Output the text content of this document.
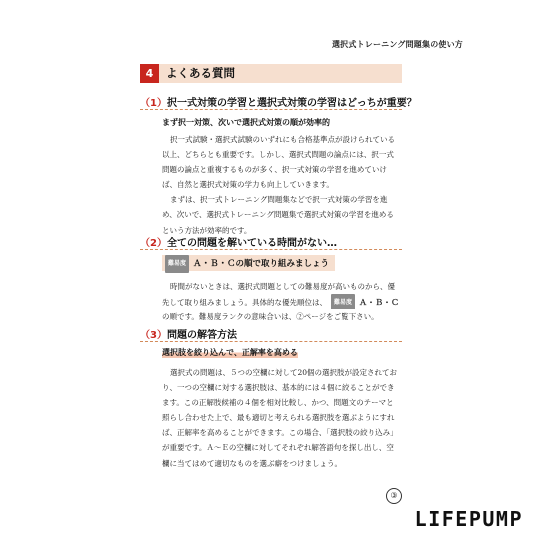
選択式トレーニング問題集の使い方
4	よくある質問
（1）択一式対策の学習と選択式対策の学習はどっちが重要？
まず択一対策、次いで選択式対策の順が効率的
択一式試験・選択式試験のいずれにも合格基準点が設けられている
以上、どちらとも重要です。しかし、選択式問題の論点には、択一式
問題の論点と重複するものが多く、択一式対策の学習を進めていけ
ば、自然と選択式対策の学力も向上していきます。
まずは、択一式トレーニング問題集などで択一式対策の学習を進
め、次いで、選択式トレーニング問題集で選択式対策の学習を進める
という方法が効率的です。
（2）全ての問題を解いている時間がない…
難易度 Ａ・Ｂ・Ｃの順で取り組みましょう
時間がないときは、選択式問題としての難易度が高いものから、優
先して取り組みましょう。具体的な優先順位は、 難易度 Ａ・Ｂ・Ｃ
の順です。難易度ランクの意味合いは、②ページをご覧下さい。
（3）問題の解答方法
選択肢を絞り込んで、正解率を高める
選択式の問題は、５つの空欄に対して20個の選択肢が設定されてお
り、一つの空欄に対する選択肢は、基本的には４個に絞ることができ
ます。この正解肢候補の４個を相対比較し、かつ、問題文のテーマと
照らし合わせた上で、最も適切と考えられる選択肢を選ぶようにすれ
ば、正解率を高めることができます。この場合、「選択肢の絞り込み」
が重要です。Ａ～Ｅの空欄に対してそれぞれ解答語句を探し出し、空
欄に当てはめて適切なものを選ぶ癖をつけましょう。
③
LIFEPUMP
